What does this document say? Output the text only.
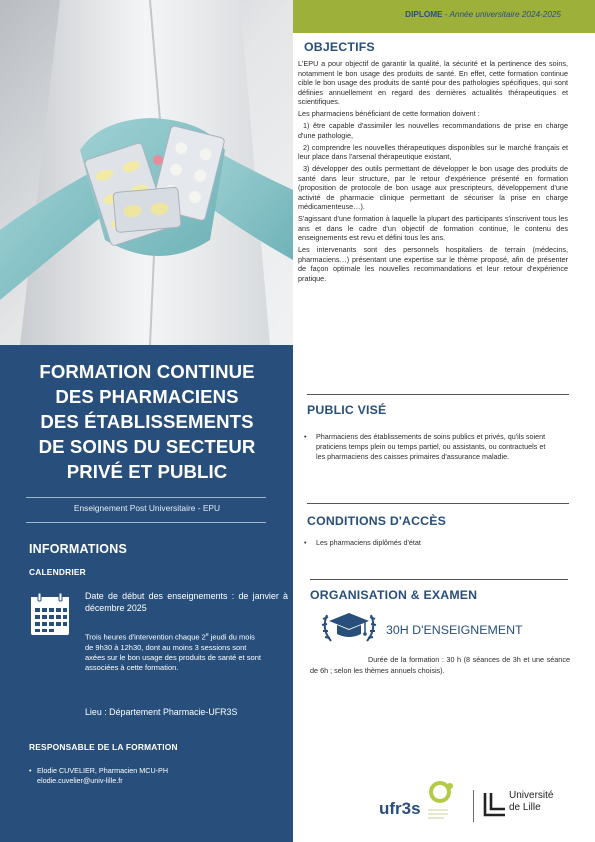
FORMATION CONTINUE
DES PHARMACIENS
DES ÉTABLISSEMENTS
DE SOINS DU SECTEUR
PRIVÉ ET PUBLIC
Enseignement Post Universitaire - EPU
INFORMATIONS
CALENDRIER

Date de début des enseignements : de janvier à décembre 2025

Trois heures d'intervention chaque 2e jeudi du mois de 9h30 à 12h30, dont au moins 3 sessions sont axées sur le bon usage des produits de santé et sont associées à cette formation.

Lieu : Département Pharmacie-UFR3S

RESPONSABLE DE LA FORMATION
• Elodie CUVELIER, Pharmacien MCU-PH
elodie.cuvelier@univ-lille.fr
DIPLOME - Année universitaire 2024-2025
OBJECTIFS

L'EPU a pour objectif de garantir la qualité, la sécurité et la pertinence des soins, notamment le bon usage des produits de santé. En effet, cette formation continue cible le bon usage des produits de santé pour des pathologies spécifiques, qui sont définies annuellement en regard des dernières actualités thérapeutiques et scientifiques.

Les pharmaciens bénéficiant de cette formation doivent :

1) être capable d'assimiler les nouvelles recommandations de prise en charge d'une pathologie,

2) comprendre les nouvelles thérapeutiques disponibles sur le marché français et leur place dans l'arsenal thérapeutique existant,

3) développer des outils permettant de développer le bon usage des produits de santé dans leur structure, par le retour d'expérience présenté en formation (proposition de protocole de bon usage aux prescripteurs, développement d'une activité de pharmacie clinique permettant de sécuriser la prise en charge médicamenteuse…).

S'agissant d'une formation à laquelle la plupart des participants s'inscrivent tous les ans et dans le cadre d'un objectif de formation continue, le contenu des enseignements est revu et défini tous les ans.

Les intervenants sont des personnels hospitaliers de terrain (médecins, pharmaciens…) présentant une expertise sur le thème proposé, afin de présenter de façon optimale les nouvelles recommandations et leur retour d'expérience pratique.

PUBLIC VISÉ
• Pharmaciens des établissements de soins publics et privés, qu'ils soient praticiens temps plein ou temps partiel, ou assistants, ou contractuels et les pharmaciens des caisses primaires d'assurance maladie.
CONDITIONS D'ACCÈS
• Les pharmaciens diplômés d'état
ORGANISATION & EXAMEN
30H D'ENSEIGNEMENT

Durée de la formation : 30 h (8 séances de 3h et une séance de 6h ; selon les thèmes annuels choisis).

ufr3s
Université
de Lille
